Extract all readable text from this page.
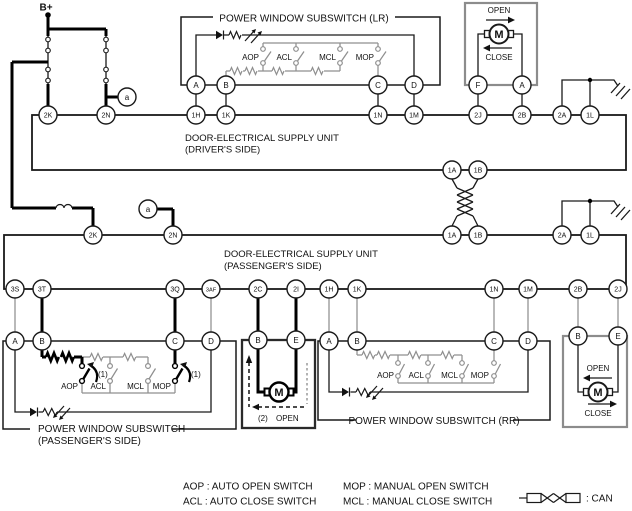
B+
a
a
2K	2N	1H	1K	1N	1M	2J	2B	2A	1L
1A 1B
DOOR-ELECTRICAL SUPPLY UNIT
(DRIVER'S SIDE)
2K	2N	1A 1B	2A	1L
DOOR-ELECTRICAL SUPPLY UNIT
(PASSENGER'S SIDE)
3S	3T	3Q	3AF	2C	2I	1H	1K	1N	1M	2B	2J
POWER WINDOW SUBSWITCH (LR)
A	B	C	D
AOP ACL	MCL MOP
OPEN
CLOSE
M
F	A
A	B	C	D
AOP ACL	MCL MOP
(1)	(1)
POWER WINDOW SUBSWITCH
(PASSENGER'S SIDE)
B	E
M
(2) OPEN
A	B	C	D
AOP ACL MCL MOP
POWER WINDOW SUBSWITCH (RR)
B	E
OPEN
M
CLOSE
AOP : AUTO OPEN SWITCH
ACL : AUTO CLOSE SWITCH
MOP : MANUAL OPEN SWITCH
MCL : MANUAL CLOSE SWITCH	: CAN
